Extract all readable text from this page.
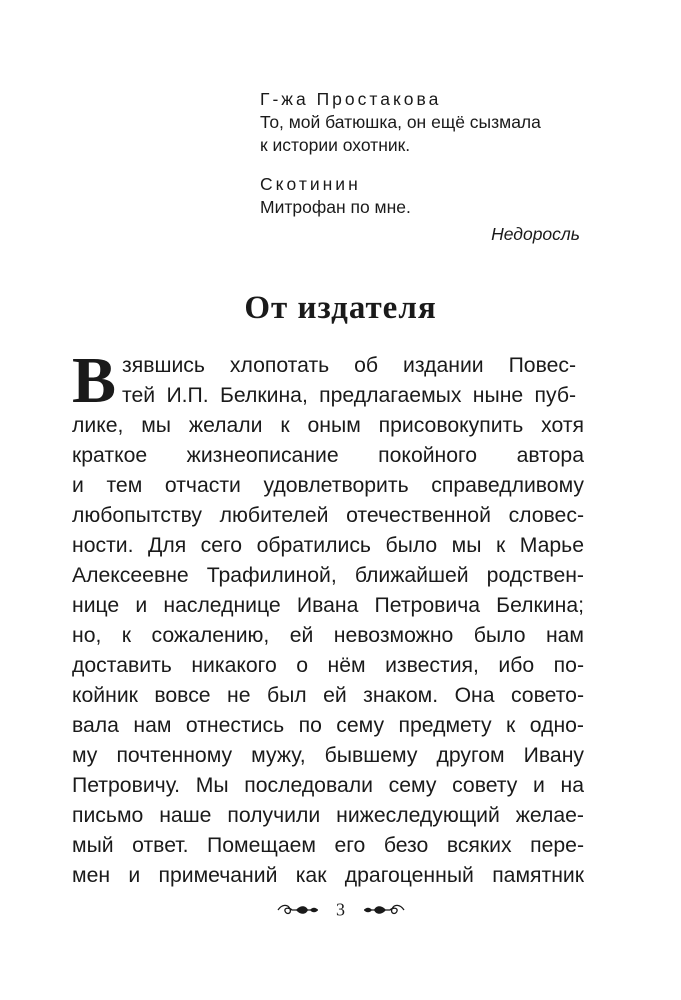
Г-жа Простакова
То, мой батюшка, он ещё сызмала
к истории охотник.
Скотинин
Митрофан по мне.
Недоросль
От издателя
В зявшись хлопотать об издании Повес-
тей И.П. Белкина, предлагаемых ныне пуб-
лике, мы желали к оным присовокупить хотя
краткое жизнеописание покойного автора
и тем отчасти удовлетворить справедливому
любопытству любителей отечественной словес-
ности. Для сего обратились было мы к Марье
Алексеевне Трафилиной, ближайшей родствен-
нице и наследнице Ивана Петровича Белкина;
но, к сожалению, ей невозможно было нам
доставить никакого о нём известия, ибо по-
койник вовсе не был ей знаком. Она совето-
вала нам отнестись по сему предмету к одно-
му почтенному мужу, бывшему другом Ивану
Петровичу. Мы последовали сему совету и на
письмо наше получили нижеследующий желае-
мый ответ. Помещаем его безо всяких пере-
мен и примечаний как драгоценный памятник
3
